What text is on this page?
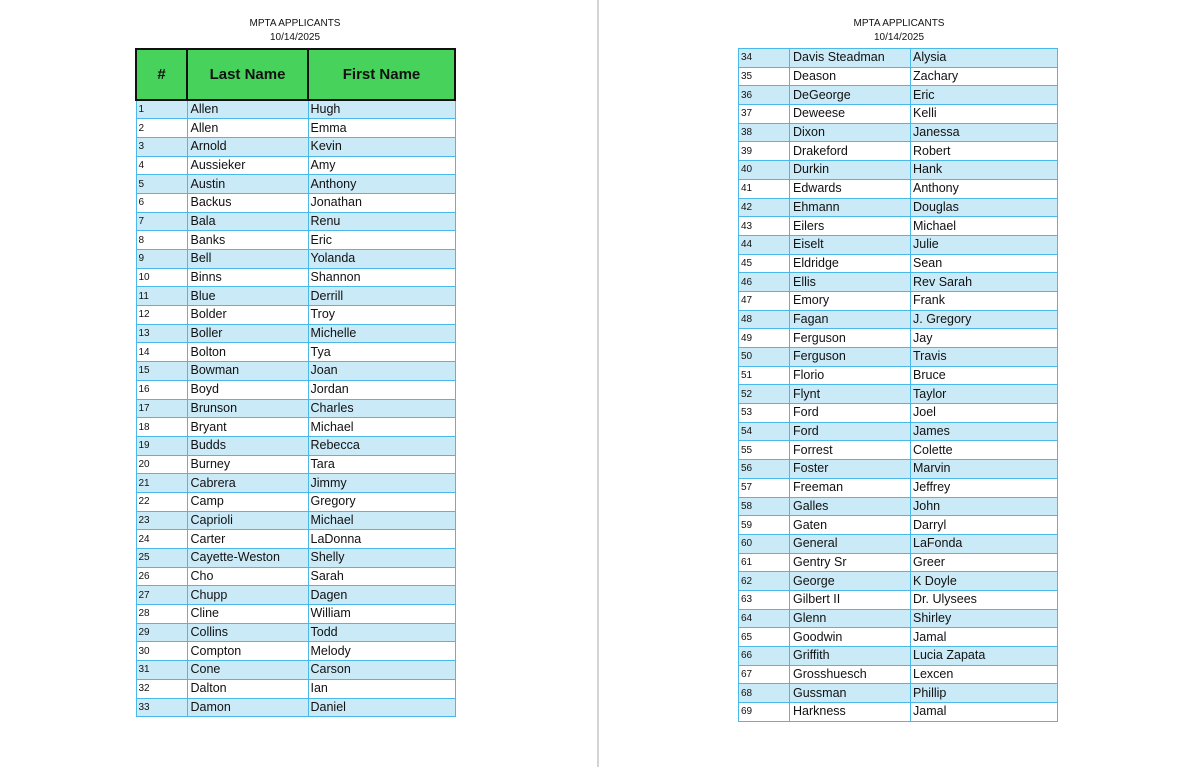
MPTA APPLICANTS
10/14/2025
#	Last Name	First Name
1	Allen	Hugh
2	Allen	Emma
3	Arnold	Kevin
4	Aussieker	Amy
5	Austin	Anthony
6	Backus	Jonathan
7	Bala	Renu
8	Banks	Eric
9	Bell	Yolanda
10	Binns	Shannon
11	Blue	Derrill
12	Bolder	Troy
13	Boller	Michelle
14	Bolton	Tya
15	Bowman	Joan
16	Boyd	Jordan
17	Brunson	Charles
18	Bryant	Michael
19	Budds	Rebecca
20	Burney	Tara
21	Cabrera	Jimmy
22	Camp	Gregory
23	Caprioli	Michael
24	Carter	LaDonna
25	Cayette-Weston	Shelly
26	Cho	Sarah
27	Chupp	Dagen
28	Cline	William
29	Collins	Todd
30	Compton	Melody
31	Cone	Carson
32	Dalton	Ian
33	Damon	Daniel
MPTA APPLICANTS
10/14/2025
34	Davis Steadman	Alysia
35	Deason	Zachary
36	DeGeorge	Eric
37	Deweese	Kelli
38	Dixon	Janessa
39	Drakeford	Robert
40	Durkin	Hank
41	Edwards	Anthony
42	Ehmann	Douglas
43	Eilers	Michael
44	Eiselt	Julie
45	Eldridge	Sean
46	Ellis	Rev Sarah
47	Emory	Frank
48	Fagan	J. Gregory
49	Ferguson	Jay
50	Ferguson	Travis
51	Florio	Bruce
52	Flynt	Taylor
53	Ford	Joel
54	Ford	James
55	Forrest	Colette
56	Foster	Marvin
57	Freeman	Jeffrey
58	Galles	John
59	Gaten	Darryl
60	General	LaFonda
61	Gentry Sr	Greer
62	George	K Doyle
63	Gilbert II	Dr. Ulysees
64	Glenn	Shirley
65	Goodwin	Jamal
66	Griffith	Lucia Zapata
67	Grosshuesch	Lexcen
68	Gussman	Phillip
69	Harkness	Jamal
